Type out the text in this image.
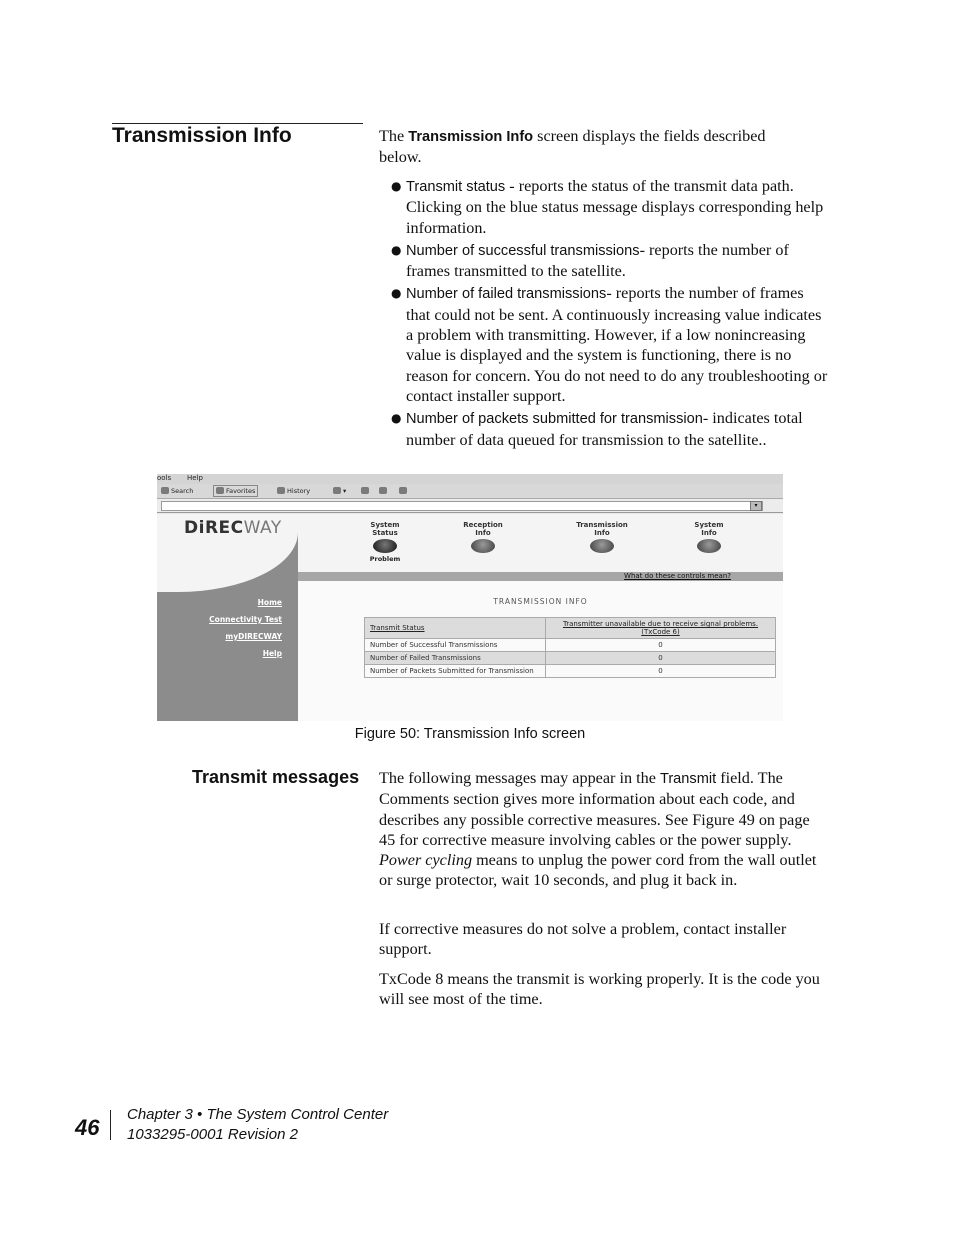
Transmission Info	The Transmission Info screen displays the fields described below.
● Transmit status - reports the status of the transmit data path. Clicking on the blue status message displays corresponding help information.
● Number of successful transmissions- reports the number of frames transmitted to the satellite.
● Number of failed transmissions- reports the number of frames that could not be sent. A continuously increasing value indicates a problem with transmitting. However, if a low nonincreasing value is displayed and the system is functioning, there is no reason for concern. You do not need to do any troubleshooting or contact installer support.
● Number of packets submitted for transmission- indicates total number of data queued for transmission to the satellite..
ools Help
Search	Favorites	History	▾
▾
Home
Connectivity Test
myDIRECWAY
Help
DiRECWAY	System
Status
Problem
Reception
Info
Transmission
Info
System
Info
What do these controls mean?
TRANSMISSION INFO
Transmit Status	Transmitter unavailable due to receive signal problems. (TxCode 6)
Number of Successful Transmissions	0
Number of Failed Transmissions	0
Number of Packets Submitted for Transmission	0
Figure 50: Transmission Info screen
Transmit messages The following messages may appear in the Transmit field. The Comments section gives more information about each code, and describes any possible corrective measures. See Figure 49 on page 45 for corrective measure involving cables or the power supply. Power cycling means to unplug the power cord from the wall outlet or surge protector, wait 10 seconds, and plug it back in.

If corrective measures do not solve a problem, contact installer support.

TxCode 8 means the transmit is working properly. It is the code you will see most of the time.

46
Chapter 3 • The System Control Center
1033295-0001 Revision 2
